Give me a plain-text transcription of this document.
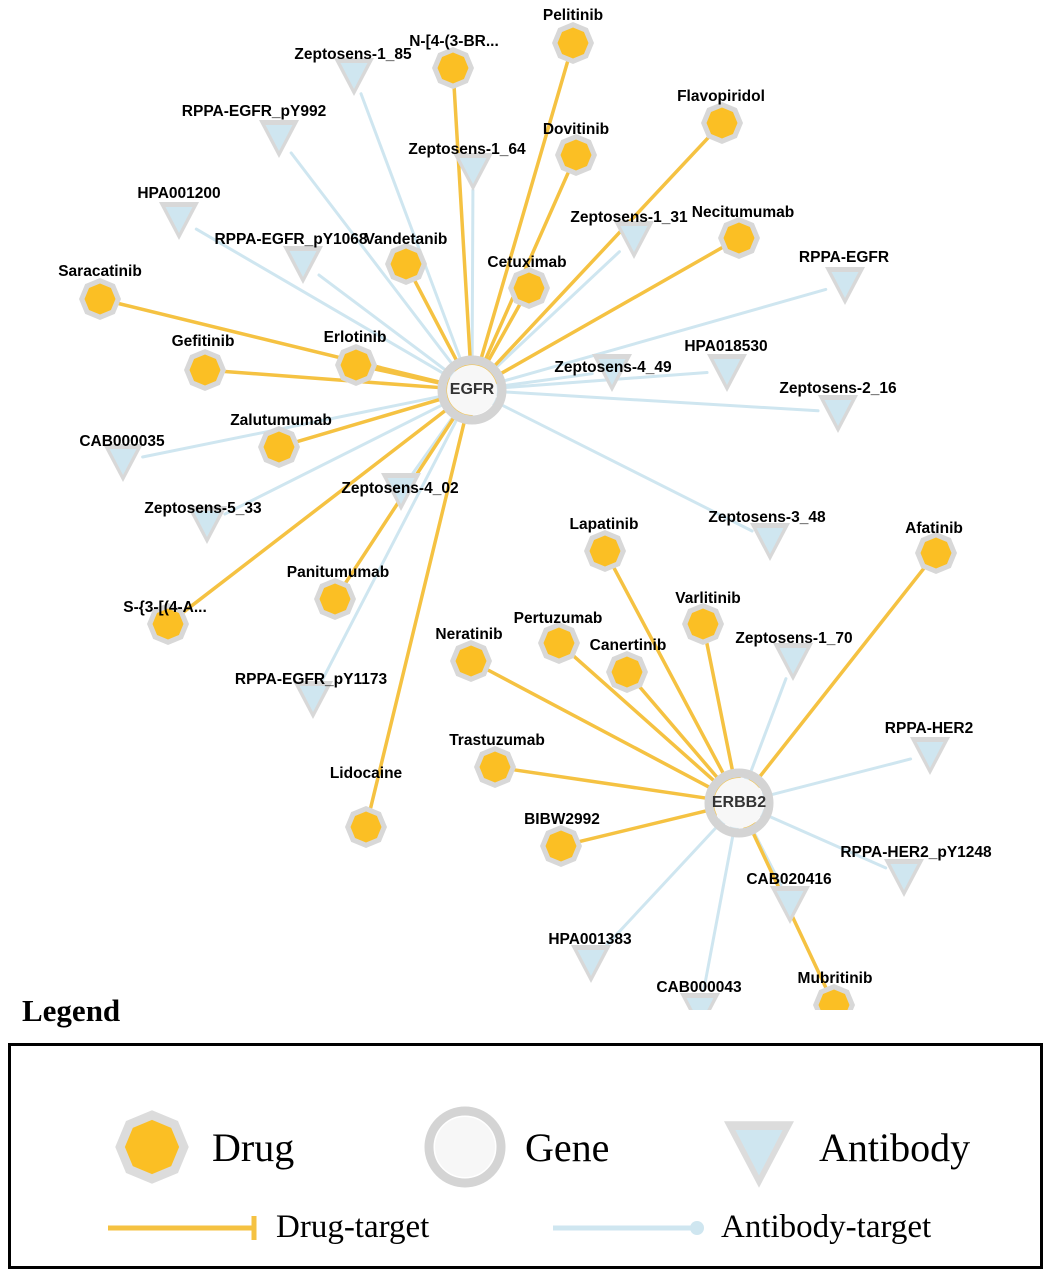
Zeptosens-1_85
RPPA-EGFR_pY992
Zeptosens-1_64
HPA001200
Zeptosens-1_31
RPPA-EGFR_pY1068
RPPA-EGFR
Zeptosens-4_49
HPA018530
Zeptosens-2_16
CAB000035
Zeptosens-4_02
Zeptosens-5_33
Zeptosens-3_48
Zeptosens-1_70
RPPA-EGFR_pY1173
RPPA-HER2
RPPA-HER2_pY1248
CAB020416
HPA001383
CAB000043
Pelitinib
N-[4-(3-BR...
Flavopiridol
Dovitinib
Necitumumab
Vandetanib
Cetuximab
Saracatinib
Gefitinib	Erlotinib
Zalutumumab
Lapatinib	Afatinib
Panitumumab
Varlitinib
S-{3-[(4-A...
Pertuzumab
Neratinib
Canertinib
Trastuzumab
Lidocaine
BIBW2992
Mubritinib
EGFR
ERBB2
Legend
Drug	Gene	Antibody
Drug-target	Antibody-target
